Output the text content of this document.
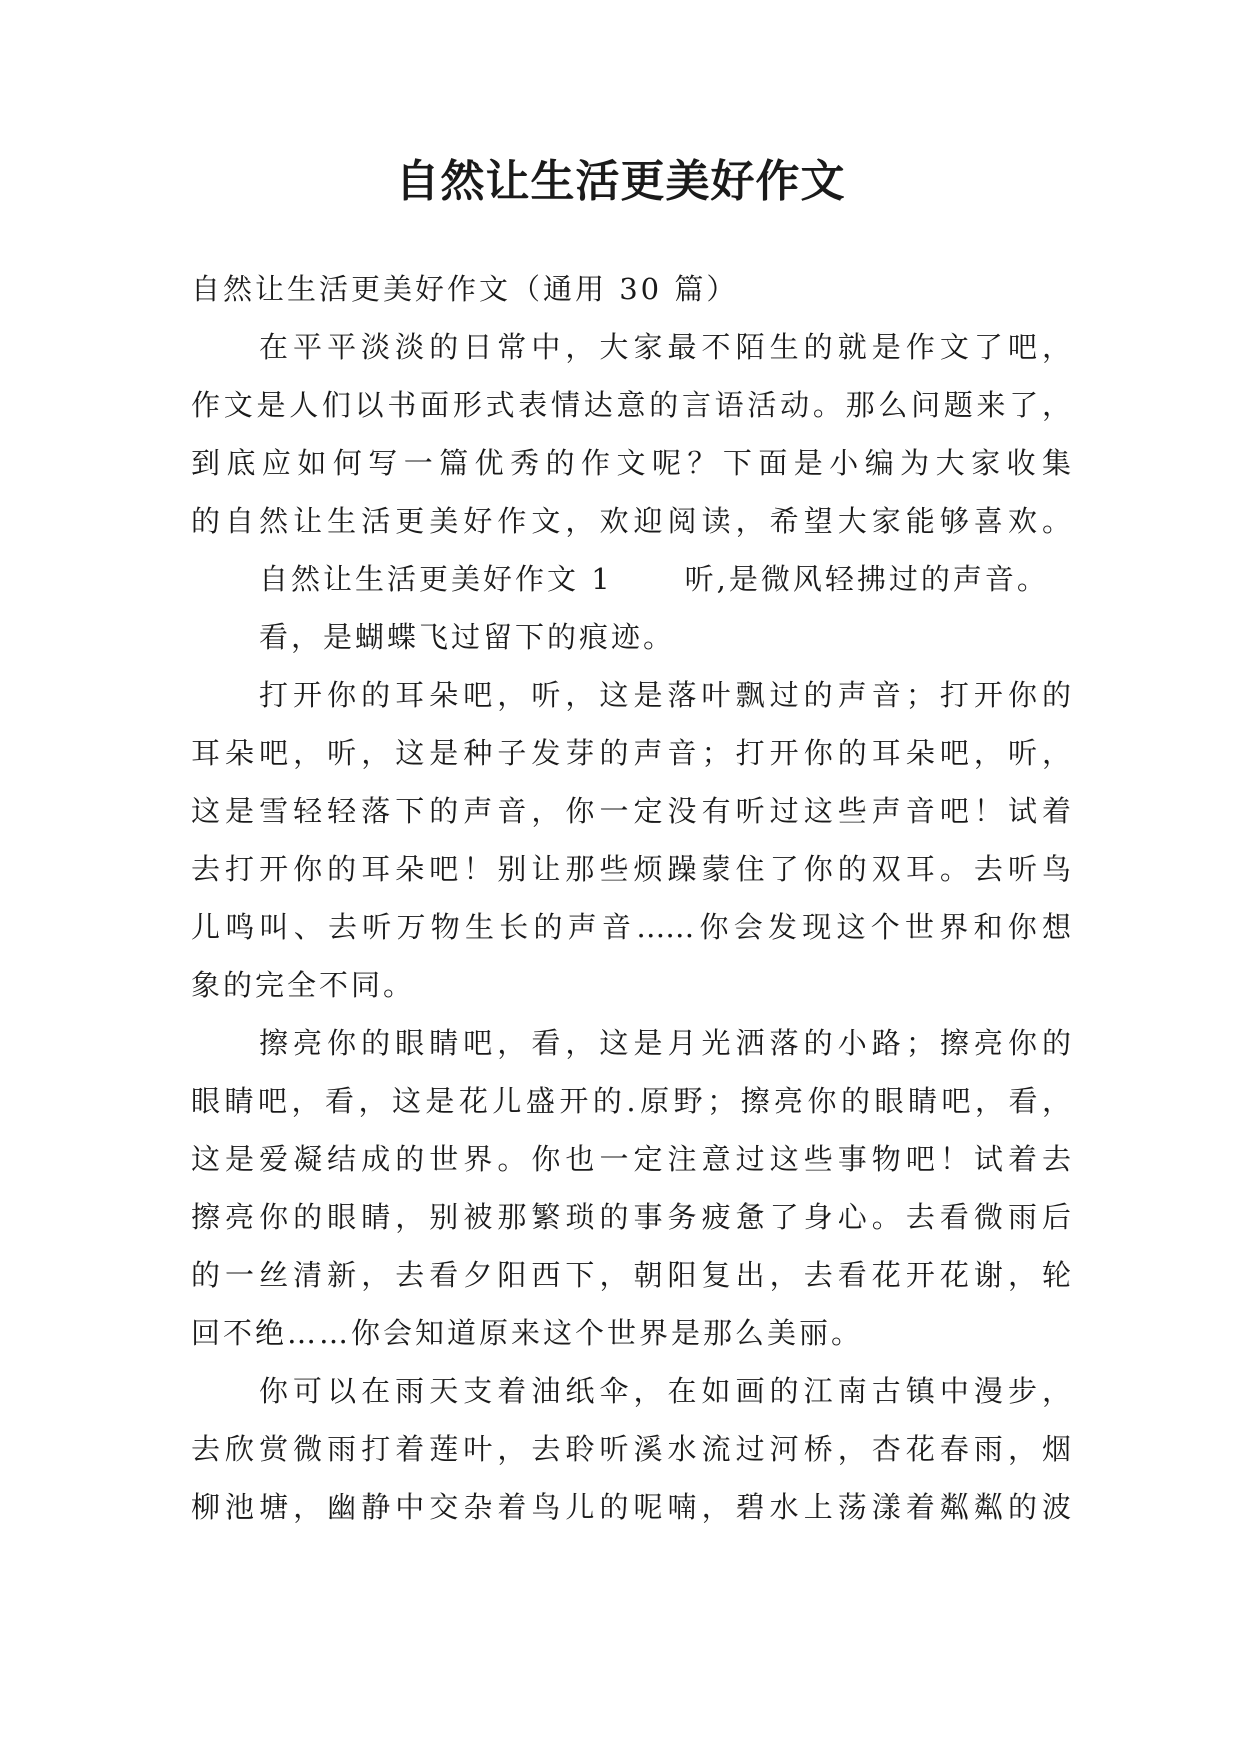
自然让生活更美好作文
自然让生活更美好作文（通用 30 篇）
在平平淡淡的日常中，大家最不陌生的就是作文了吧，
作文是人们以书面形式表情达意的言语活动。那么问题来了，
到底应如何写一篇优秀的作文呢？下面是小编为大家收集
的自然让生活更美好作文，欢迎阅读，希望大家能够喜欢。
自然让生活更美好作文 1 听,是微风轻拂过的声音。
看，是蝴蝶飞过留下的痕迹。
打开你的耳朵吧，听，这是落叶飘过的声音；打开你的
耳朵吧，听，这是种子发芽的声音；打开你的耳朵吧，听，
这是雪轻轻落下的声音，你一定没有听过这些声音吧！试着
去打开你的耳朵吧！别让那些烦躁蒙住了你的双耳。去听鸟
儿鸣叫、去听万物生长的声音……你会发现这个世界和你想
象的完全不同。
擦亮你的眼睛吧，看，这是月光洒落的小路；擦亮你的
眼睛吧，看，这是花儿盛开的.原野；擦亮你的眼睛吧，看，
这是爱凝结成的世界。你也一定注意过这些事物吧！试着去
擦亮你的眼睛，别被那繁琐的事务疲惫了身心。去看微雨后
的一丝清新，去看夕阳西下，朝阳复出，去看花开花谢，轮
回不绝……你会知道原来这个世界是那么美丽。
你可以在雨天支着油纸伞，在如画的江南古镇中漫步，
去欣赏微雨打着莲叶，去聆听溪水流过河桥，杏花春雨，烟
柳池塘，幽静中交杂着鸟儿的呢喃，碧水上荡漾着粼粼的波
